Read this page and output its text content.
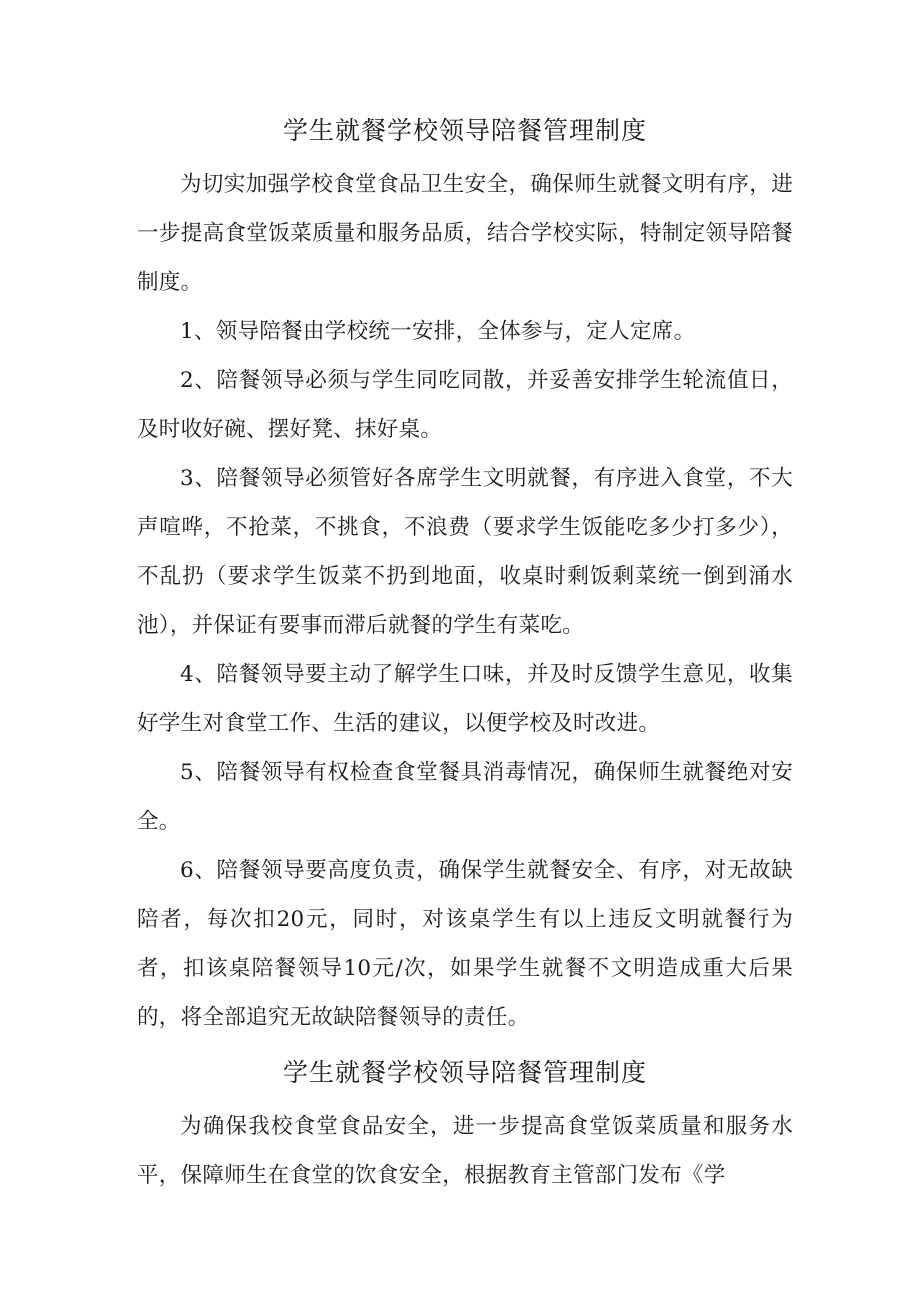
学生就餐学校领导陪餐管理制度

为切实加强学校食堂食品卫生安全，确保师生就餐文明有序，进一步提高食堂饭菜质量和服务品质，结合学校实际，特制定领导陪餐制度。

1、领导陪餐由学校统一安排，全体参与，定人定席。

2、陪餐领导必须与学生同吃同散，并妥善安排学生轮流值日，及时收好碗、摆好凳、抹好桌。

3、陪餐领导必须管好各席学生文明就餐，有序进入食堂，不大声喧哗，不抢菜，不挑食，不浪费（要求学生饭能吃多少打多少），不乱扔（要求学生饭菜不扔到地面，收桌时剩饭剩菜统一倒到涌水池），并保证有要事而滞后就餐的学生有菜吃。

4、陪餐领导要主动了解学生口味，并及时反馈学生意见，收集好学生对食堂工作、生活的建议，以便学校及时改进。

5、陪餐领导有权检查食堂餐具消毒情况，确保师生就餐绝对安全。

6、陪餐领导要高度负责，确保学生就餐安全、有序，对无故缺陪者，每次扣20元，同时，对该桌学生有以上违反文明就餐行为者，扣该桌陪餐领导10元/次，如果学生就餐不文明造成重大后果的，将全部追究无故缺陪餐领导的责任。

学生就餐学校领导陪餐管理制度

为确保我校食堂食品安全，进一步提高食堂饭菜质量和服务水平，保障师生在食堂的饮食安全，根据教育主管部门发布《学
